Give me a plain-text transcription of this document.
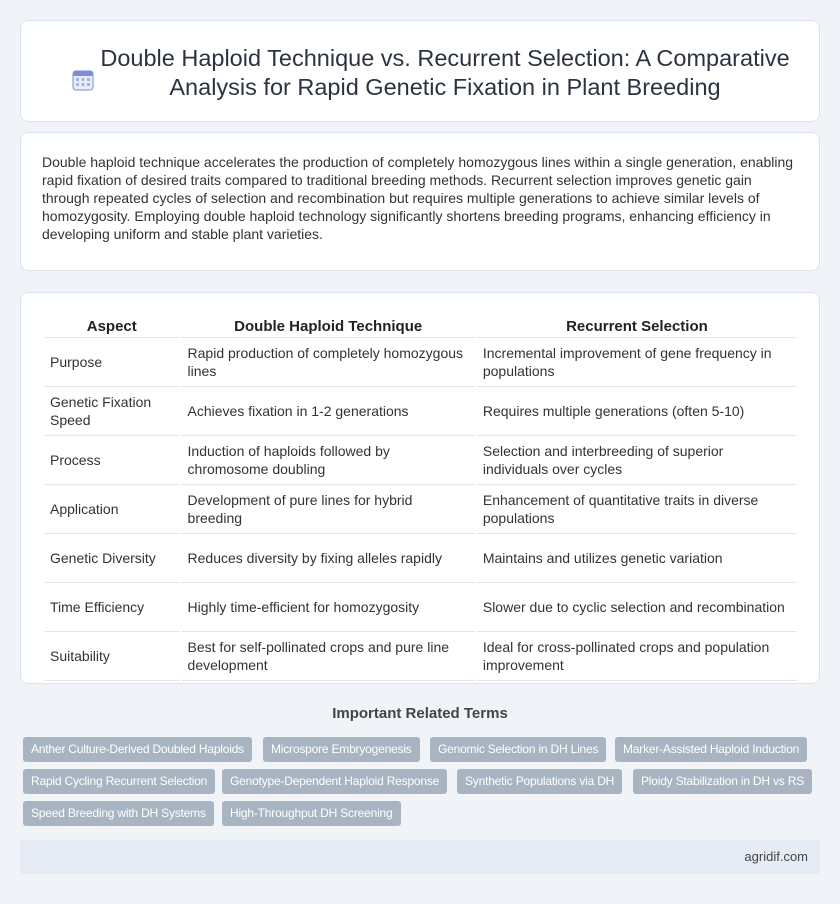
Double Haploid Technique vs. Recurrent Selection: A Comparative Analysis for Rapid Genetic Fixation in Plant Breeding

Double haploid technique accelerates the production of completely homozygous lines within a single generation, enabling rapid fixation of desired traits compared to traditional breeding methods. Recurrent selection improves genetic gain through repeated cycles of selection and recombination but requires multiple generations to achieve similar levels of homozygosity. Employing double haploid technology significantly shortens breeding programs, enhancing efficiency in developing uniform and stable plant varieties.

Aspect	Double Haploid Technique	Recurrent Selection
Purpose	Rapid production of completely homozygous lines	Incremental improvement of gene frequency in populations
Genetic Fixation Speed	Achieves fixation in 1-2 generations	Requires multiple generations (often 5-10)
Process	Induction of haploids followed by chromosome doubling	Selection and interbreeding of superior individuals over cycles
Application	Development of pure lines for hybrid breeding	Enhancement of quantitative traits in diverse populations
Genetic Diversity	Reduces diversity by fixing alleles rapidly	Maintains and utilizes genetic variation
Time Efficiency	Highly time-efficient for homozygosity	Slower due to cyclic selection and recombination
Suitability	Best for self-pollinated crops and pure line development	Ideal for cross-pollinated crops and population improvement
Important Related Terms
Anther Culture-Derived Doubled Haploids	Microspore Embryogenesis	Genomic Selection in DH Lines	Marker-Assisted Haploid Induction
Rapid Cycling Recurrent Selection	Genotype-Dependent Haploid Response	Synthetic Populations via DH	Ploidy Stabilization in DH vs RS
Speed Breeding with DH Systems	High-Throughput DH Screening
agridif.com
